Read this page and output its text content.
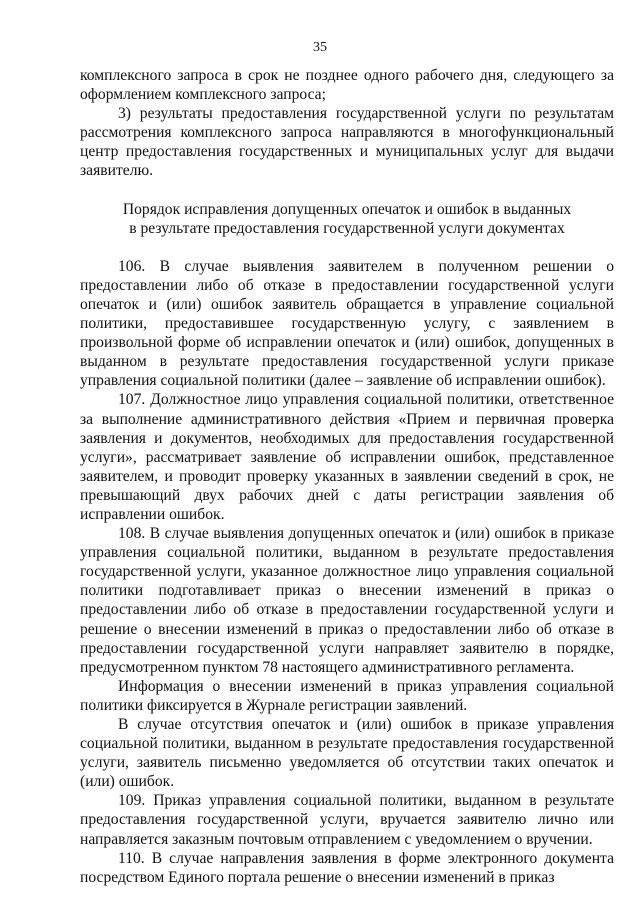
35

комплексного запроса в срок не позднее одного рабочего дня, следующего за оформлением комплексного запроса;

3) результаты предоставления государственной услуги по результатам рассмотрения комплексного запроса направляются в многофункциональный центр предоставления государственных и муниципальных услуг для выдачи заявителю.

Порядок исправления допущенных опечаток и ошибок в выданных
в результате предоставления государственной услуги документах

106. В случае выявления заявителем в полученном решении о предоставлении либо об отказе в предоставлении государственной услуги опечаток и (или) ошибок заявитель обращается в управление социальной политики, предоставившее государственную услугу, с заявлением в произвольной форме об исправлении опечаток и (или) ошибок, допущенных в выданном в результате предоставления государственной услуги приказе управления социальной политики (далее – заявление об исправлении ошибок).

107. Должностное лицо управления социальной политики, ответственное за выполнение административного действия «Прием и первичная проверка заявления и документов, необходимых для предоставления государственной услуги», рассматривает заявление об исправлении ошибок, представленное заявителем, и проводит проверку указанных в заявлении сведений в срок, не превышающий двух рабочих дней с даты регистрации заявления об исправлении ошибок.

108. В случае выявления допущенных опечаток и (или) ошибок в приказе управления социальной политики, выданном в результате предоставления государственной услуги, указанное должностное лицо управления социальной политики подготавливает приказ о внесении изменений в приказ о предоставлении либо об отказе в предоставлении государственной услуги и решение о внесении изменений в приказ о предоставлении либо об отказе в предоставлении государственной услуги направляет заявителю в порядке, предусмотренном пунктом 78 настоящего административного регламента.

Информация о внесении изменений в приказ управления социальной политики фиксируется в Журнале регистрации заявлений.

В случае отсутствия опечаток и (или) ошибок в приказе управления социальной политики, выданном в результате предоставления государственной услуги, заявитель письменно уведомляется об отсутствии таких опечаток и (или) ошибок.

109. Приказ управления социальной политики, выданном в результате предоставления государственной услуги, вручается заявителю лично или направляется заказным почтовым отправлением с уведомлением о вручении.

110. В случае направления заявления в форме электронного документа посредством Единого портала решение о внесении изменений в приказ
